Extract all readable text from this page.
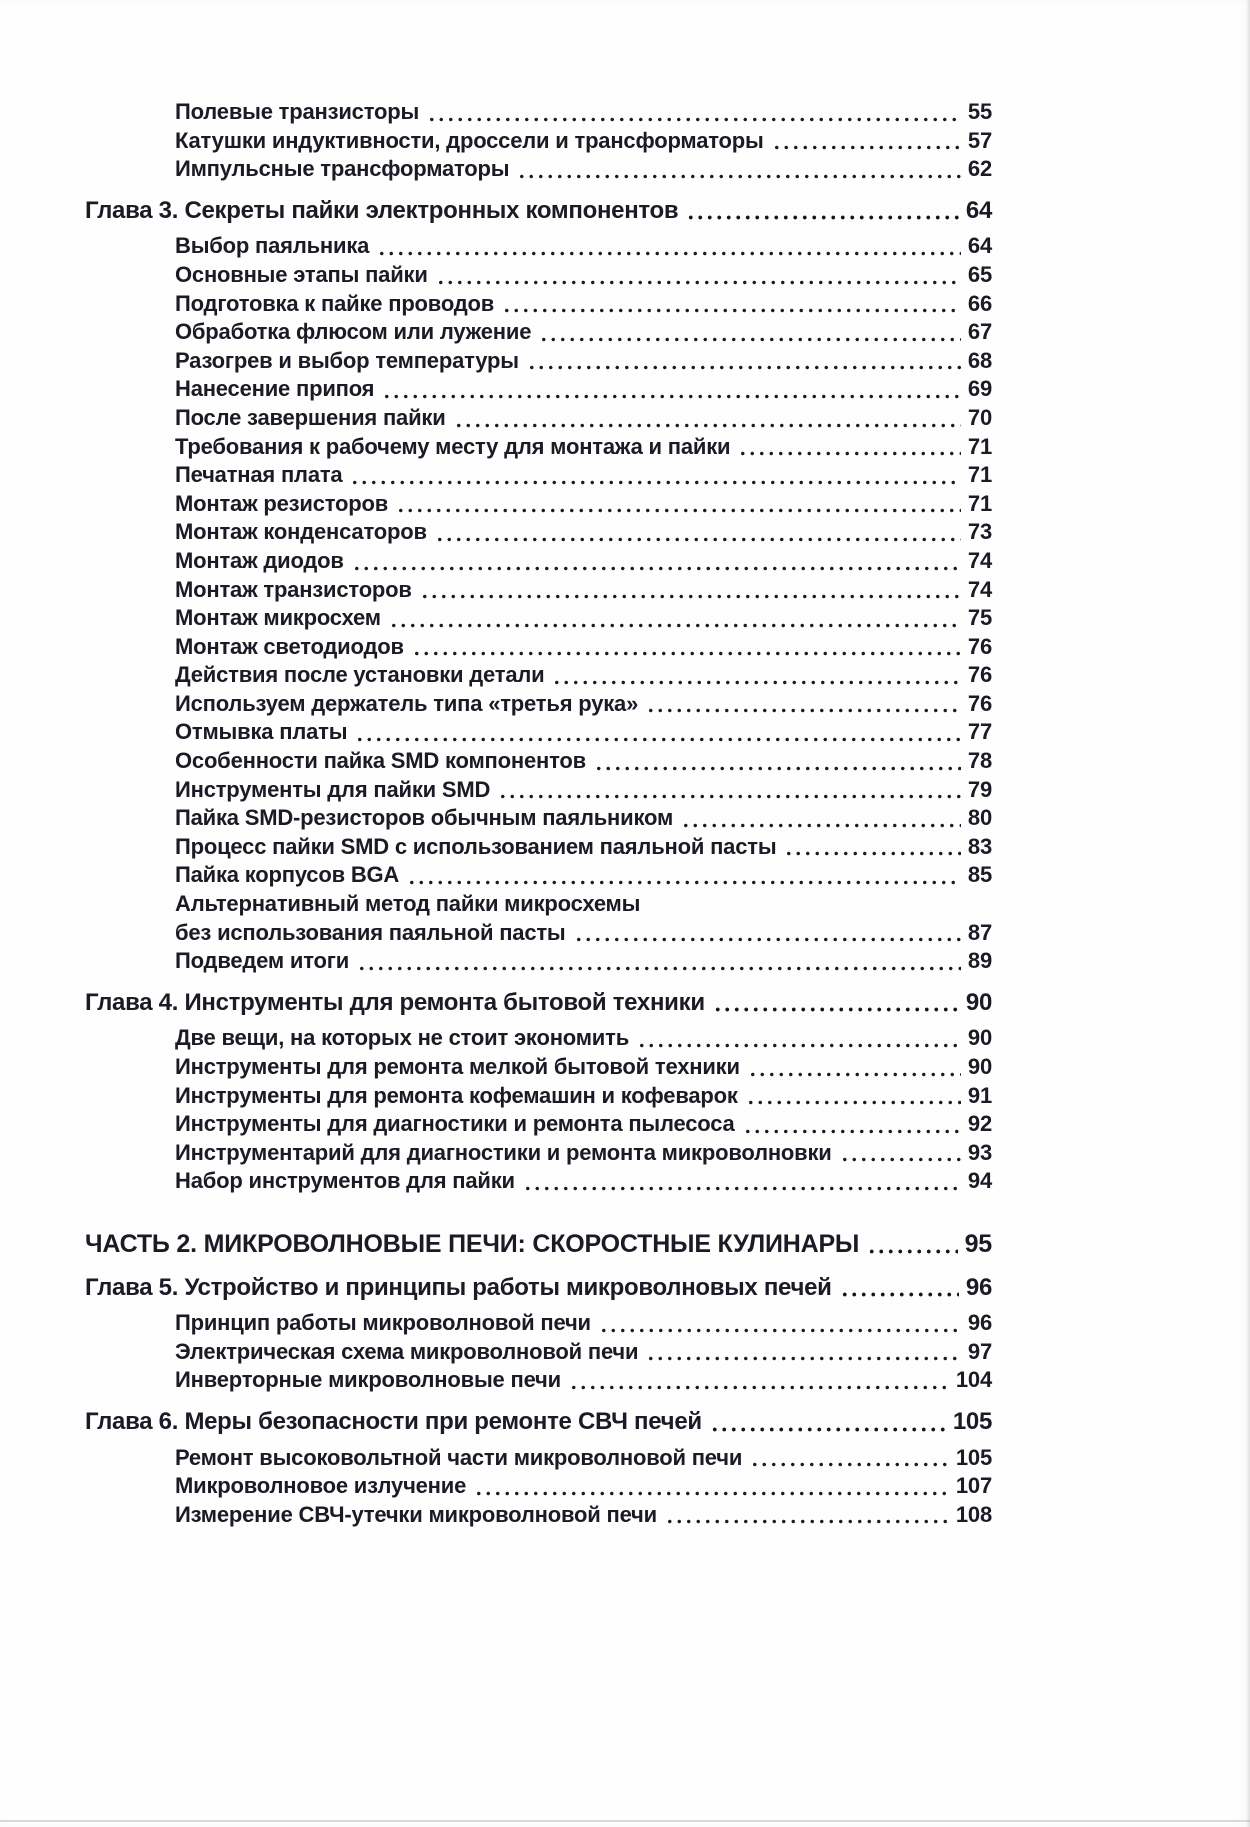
Полевые транзисторы	55
Катушки индуктивности, дроссели и трансформаторы	57
Импульсные трансформаторы	62
Глава 3. Секреты пайки электронных компонентов	64
Выбор паяльника	64
Основные этапы пайки	65
Подготовка к пайке проводов	66
Обработка флюсом или лужение	67
Разогрев и выбор температуры	68
Нанесение припоя	69
После завершения пайки	70
Требования к рабочему месту для монтажа и пайки	71
Печатная плата	71
Монтаж резисторов	71
Монтаж конденсаторов	73
Монтаж диодов	74
Монтаж транзисторов	74
Монтаж микросхем	75
Монтаж светодиодов	76
Действия после установки детали	76
Используем держатель типа «третья рука»	76
Отмывка платы	77
Особенности пайка SMD компонентов	78
Инструменты для пайки SMD	79
Пайка SMD-резисторов обычным паяльником	80
Процесс пайки SMD с использованием паяльной пасты	83
Пайка корпусов BGA	85
Альтернативный метод пайки микросхемы
без использования паяльной пасты	87
Подведем итоги	89
Глава 4. Инструменты для ремонта бытовой техники	90
Две вещи, на которых не стоит экономить	90
Инструменты для ремонта мелкой бытовой техники	90
Инструменты для ремонта кофемашин и кофеварок	91
Инструменты для диагностики и ремонта пылесоса	92
Инструментарий для диагностики и ремонта микроволновки	93
Набор инструментов для пайки	94
ЧАСТЬ 2. МИКРОВОЛНОВЫЕ ПЕЧИ: СКОРОСТНЫЕ КУЛИНАРЫ	95
Глава 5. Устройство и принципы работы микроволновых печей	96
Принцип работы микроволновой печи	96
Электрическая схема микроволновой печи	97
Инверторные микроволновые печи	104
Глава 6. Меры безопасности при ремонте СВЧ печей	105
Ремонт высоковольтной части микроволновой печи	105
Микроволновое излучение	107
Измерение СВЧ-утечки микроволновой печи	108
